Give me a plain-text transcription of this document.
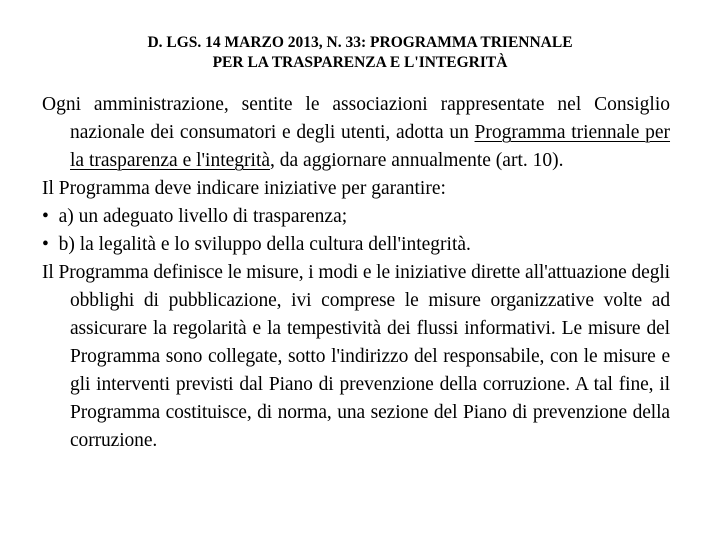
D. LGS. 14 MARZO 2013, N. 33: PROGRAMMA TRIENNALE
PER LA TRASPARENZA E L'INTEGRITÀ

Ogni amministrazione, sentite le associazioni rappresentate nel Consiglio nazionale dei consumatori e degli utenti, adotta un Programma triennale per la trasparenza e l'integrità, da aggiornare annualmente (art. 10).

Il Programma deve indicare iniziative per garantire:

• a) un adeguato livello di trasparenza;

• b) la legalità e lo sviluppo della cultura dell'integrità.

Il Programma definisce le misure, i modi e le iniziative dirette all'attuazione degli obblighi di pubblicazione, ivi comprese le misure organizzative volte ad assicurare la regolarità e la tempestività dei flussi informativi. Le misure del Programma sono collegate, sotto l'indirizzo del responsabile, con le misure e gli interventi previsti dal Piano di prevenzione della corruzione. A tal fine, il Programma costituisce, di norma, una sezione del Piano di prevenzione della corruzione.
